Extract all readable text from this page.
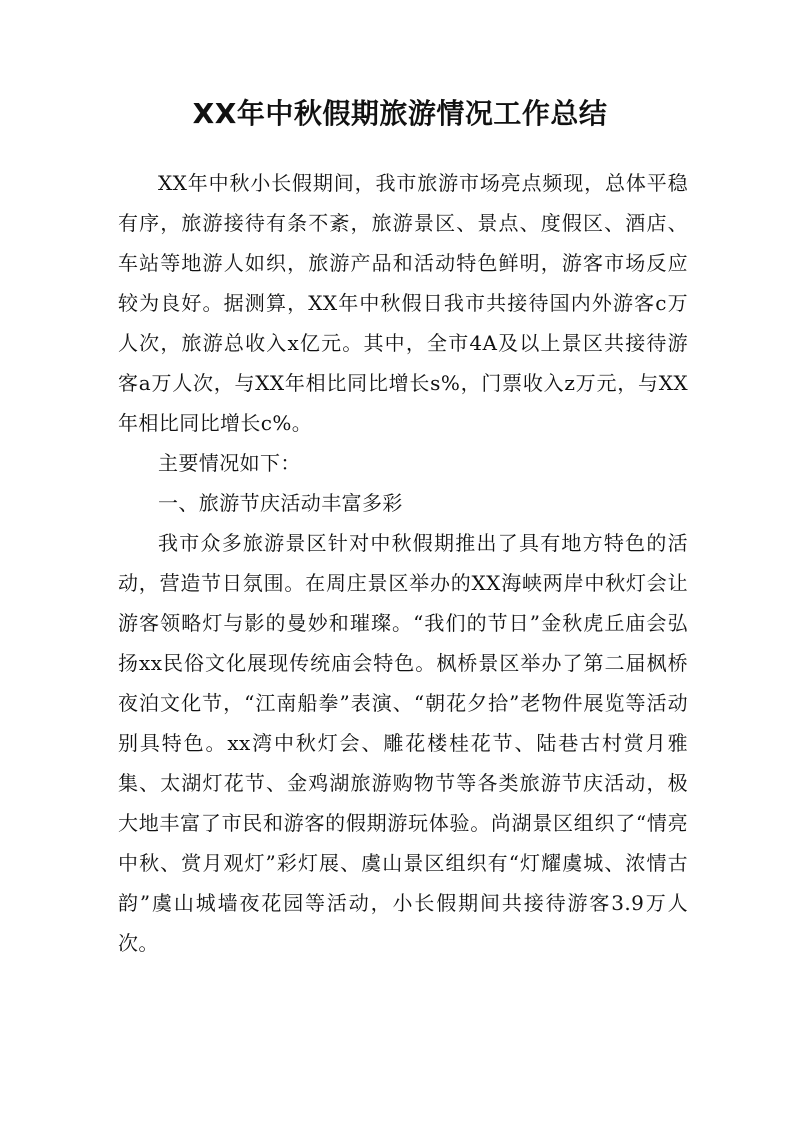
XX年中秋假期旅游情况工作总结

XX年中秋小长假期间，我市旅游市场亮点频现，总体平稳有序，旅游接待有条不紊，旅游景区、景点、度假区、酒店、车站等地游人如织，旅游产品和活动特色鲜明，游客市场反应较为良好。据测算，XX年中秋假日我市共接待国内外游客c万人次，旅游总收入x亿元。其中，全市4A及以上景区共接待游客a万人次，与XX年相比同比增长s%，门票收入z万元，与XX年相比同比增长c%。

主要情况如下：

一、旅游节庆活动丰富多彩

我市众多旅游景区针对中秋假期推出了具有地方特色的活动，营造节日氛围。在周庄景区举办的XX海峡两岸中秋灯会让游客领略灯与影的曼妙和璀璨。“我们的节日”金秋虎丘庙会弘扬xx民俗文化展现传统庙会特色。枫桥景区举办了第二届枫桥夜泊文化节，“江南船拳”表演、“朝花夕拾”老物件展览等活动别具特色。xx湾中秋灯会、雕花楼桂花节、陆巷古村赏月雅集、太湖灯花节、金鸡湖旅游购物节等各类旅游节庆活动，极大地丰富了市民和游客的假期游玩体验。尚湖景区组织了“情亮中秋、赏月观灯”彩灯展、虞山景区组织有“灯耀虞城、浓情古韵”虞山城墙夜花园等活动，小长假期间共接待游客3.9万人次。
